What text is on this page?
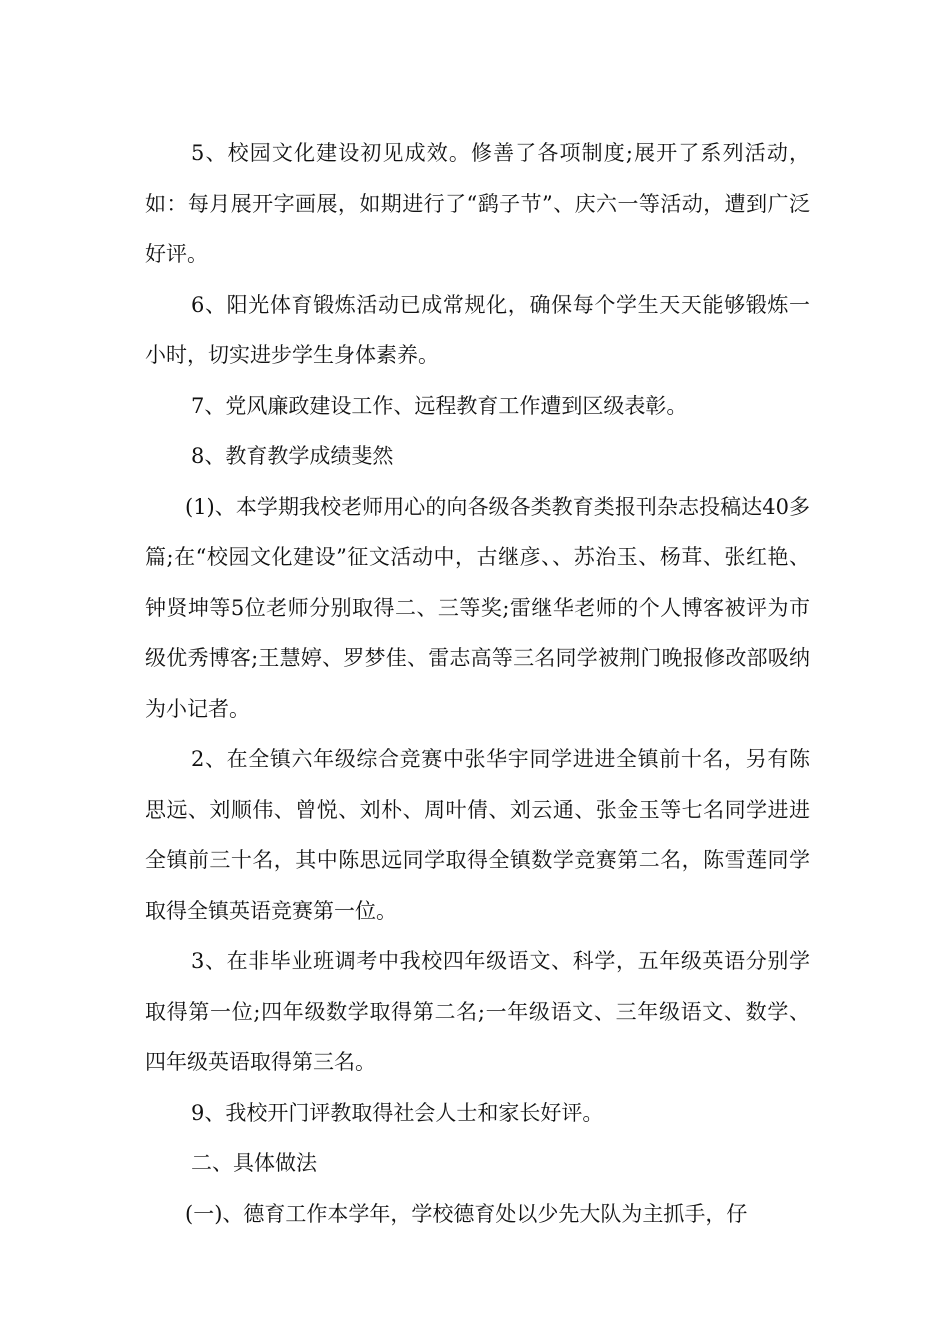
5、校园文化建设初见成效。修善了各项制度;展开了系列活动，如：每月展开字画展，如期进行了“鹞子节”、庆六一等活动，遭到广泛好评。

6、阳光体育锻炼活动已成常规化，确保每个学生天天能够锻炼一小时，切实进步学生身体素养。

7、党风廉政建设工作、远程教育工作遭到区级表彰。

8、教育教学成绩斐然

(1)、本学期我校老师用心的向各级各类教育类报刊杂志投稿达40多篇;在“校园文化建设”征文活动中，古继彦、、苏治玉、杨茸、张红艳、钟贤坤等5位老师分别取得二、三等奖;雷继华老师的个人博客被评为市级优秀博客;王慧婷、罗梦佳、雷志高等三名同学被荆门晚报修改部吸纳为小记者。

2、在全镇六年级综合竞赛中张华宇同学进进全镇前十名，另有陈思远、刘顺伟、曾悦、刘朴、周叶倩、刘云通、张金玉等七名同学进进全镇前三十名，其中陈思远同学取得全镇数学竞赛第二名，陈雪莲同学取得全镇英语竞赛第一位。

3、在非毕业班调考中我校四年级语文、科学，五年级英语分别学取得第一位;四年级数学取得第二名;一年级语文、三年级语文、数学、四年级英语取得第三名。

9、我校开门评教取得社会人士和家长好评。

二、具体做法

(一)、德育工作本学年，学校德育处以少先大队为主抓手，仔
